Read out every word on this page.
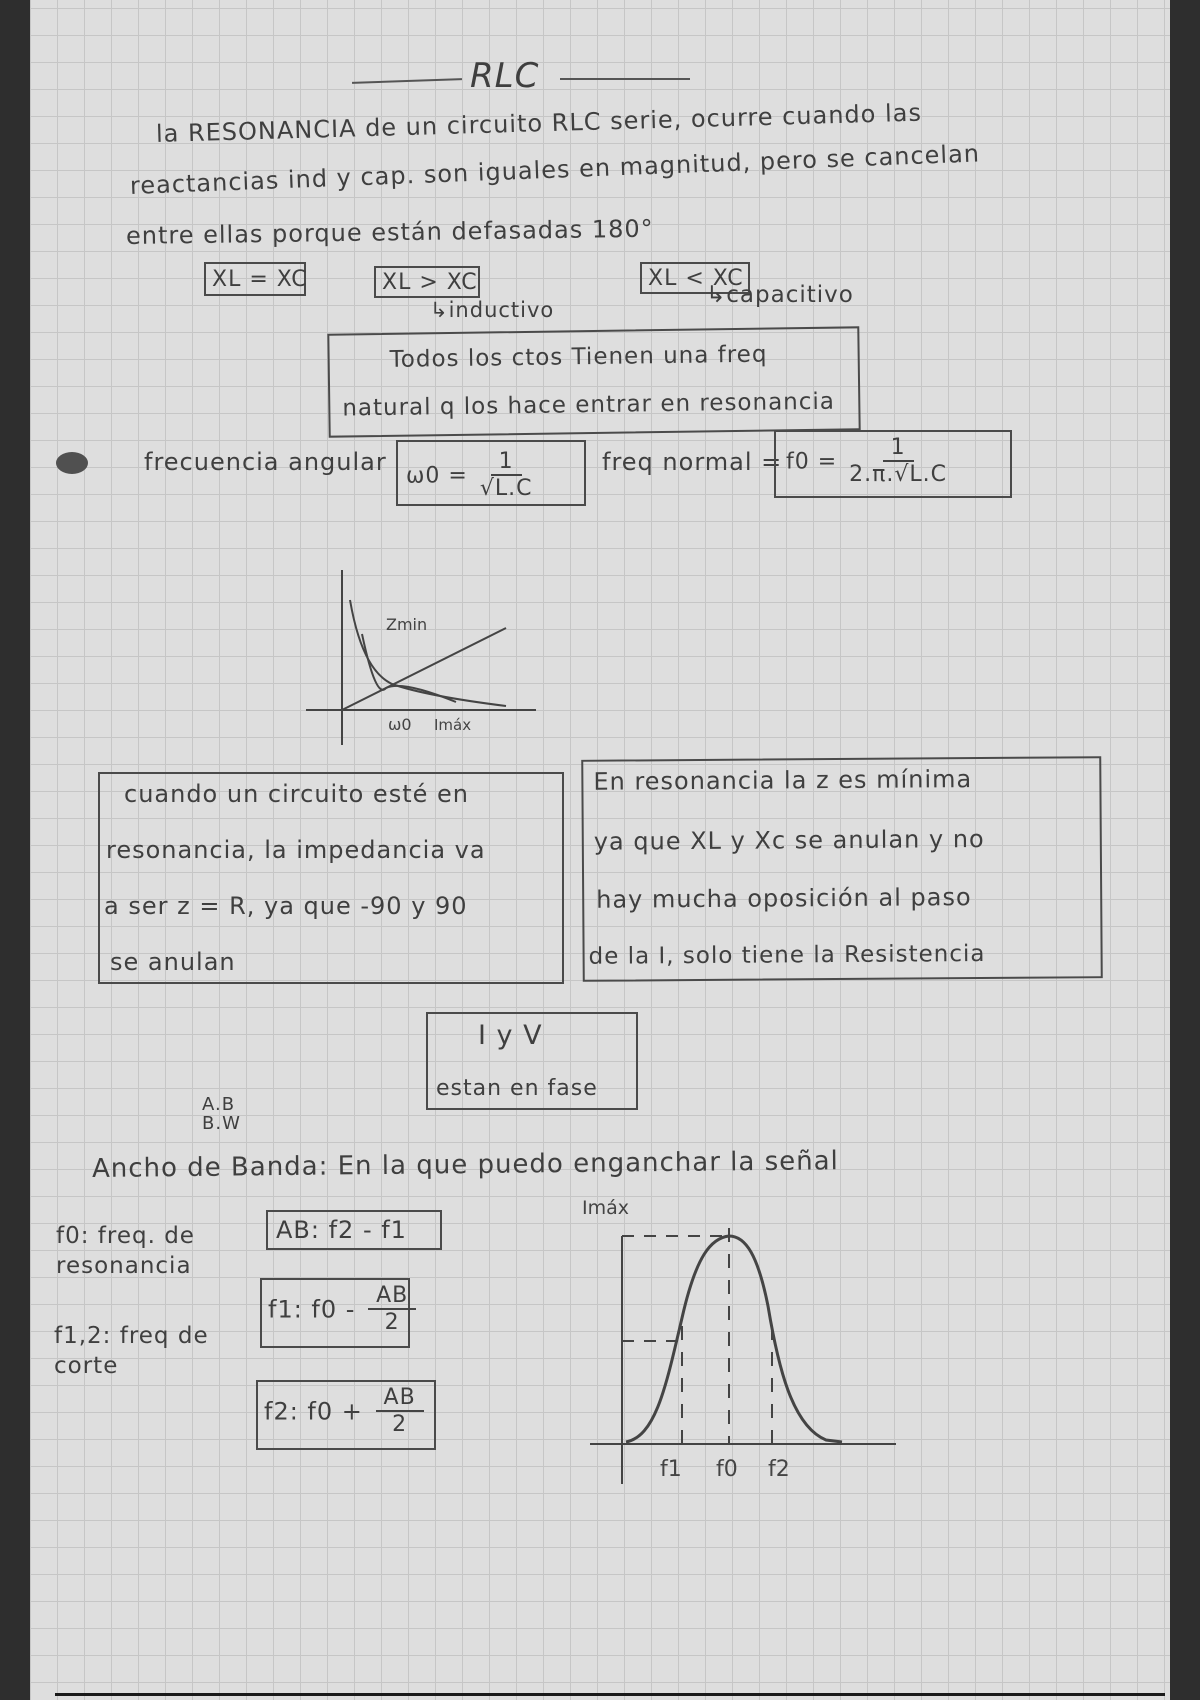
RLC
la RESONANCIA de un circuito RLC serie, ocurre cuando las
reactancias ind y cap. son iguales en magnitud, pero se cancelan
entre ellas porque están defasadas 180°
XL = XC	XL > XC
↳inductivo
XL < XC
↳capacitivo
Todos los ctos Tienen una freq
natural q los hace entrar en resonancia
frecuencia angular $\omega 0 = \frac{1}{√L.C}$	freq normal = $f0 = \frac{1}{2.\pi.√L.C}$
Zmin
ω0 Imáx
cuando un circuito esté en
resonancia, la impedancia va
a ser z = R, ya que -90 y 90
se anulan
En resonancia la z es mínima
ya que XL y Xc se anulan y no
hay mucha oposición al paso
de la I, solo tiene la Resistencia
I y V
estan en fase
A.B
B.W
Ancho de Banda: En la que puedo enganchar la señal
f0: freq. de resonancia
f1,2: freq de corte
AB: f2 - f1
f1: $f0 - \frac{AB}{2}$
f2: $f0 + \frac{AB}{2}$
Imáx
f1 f0 f2
